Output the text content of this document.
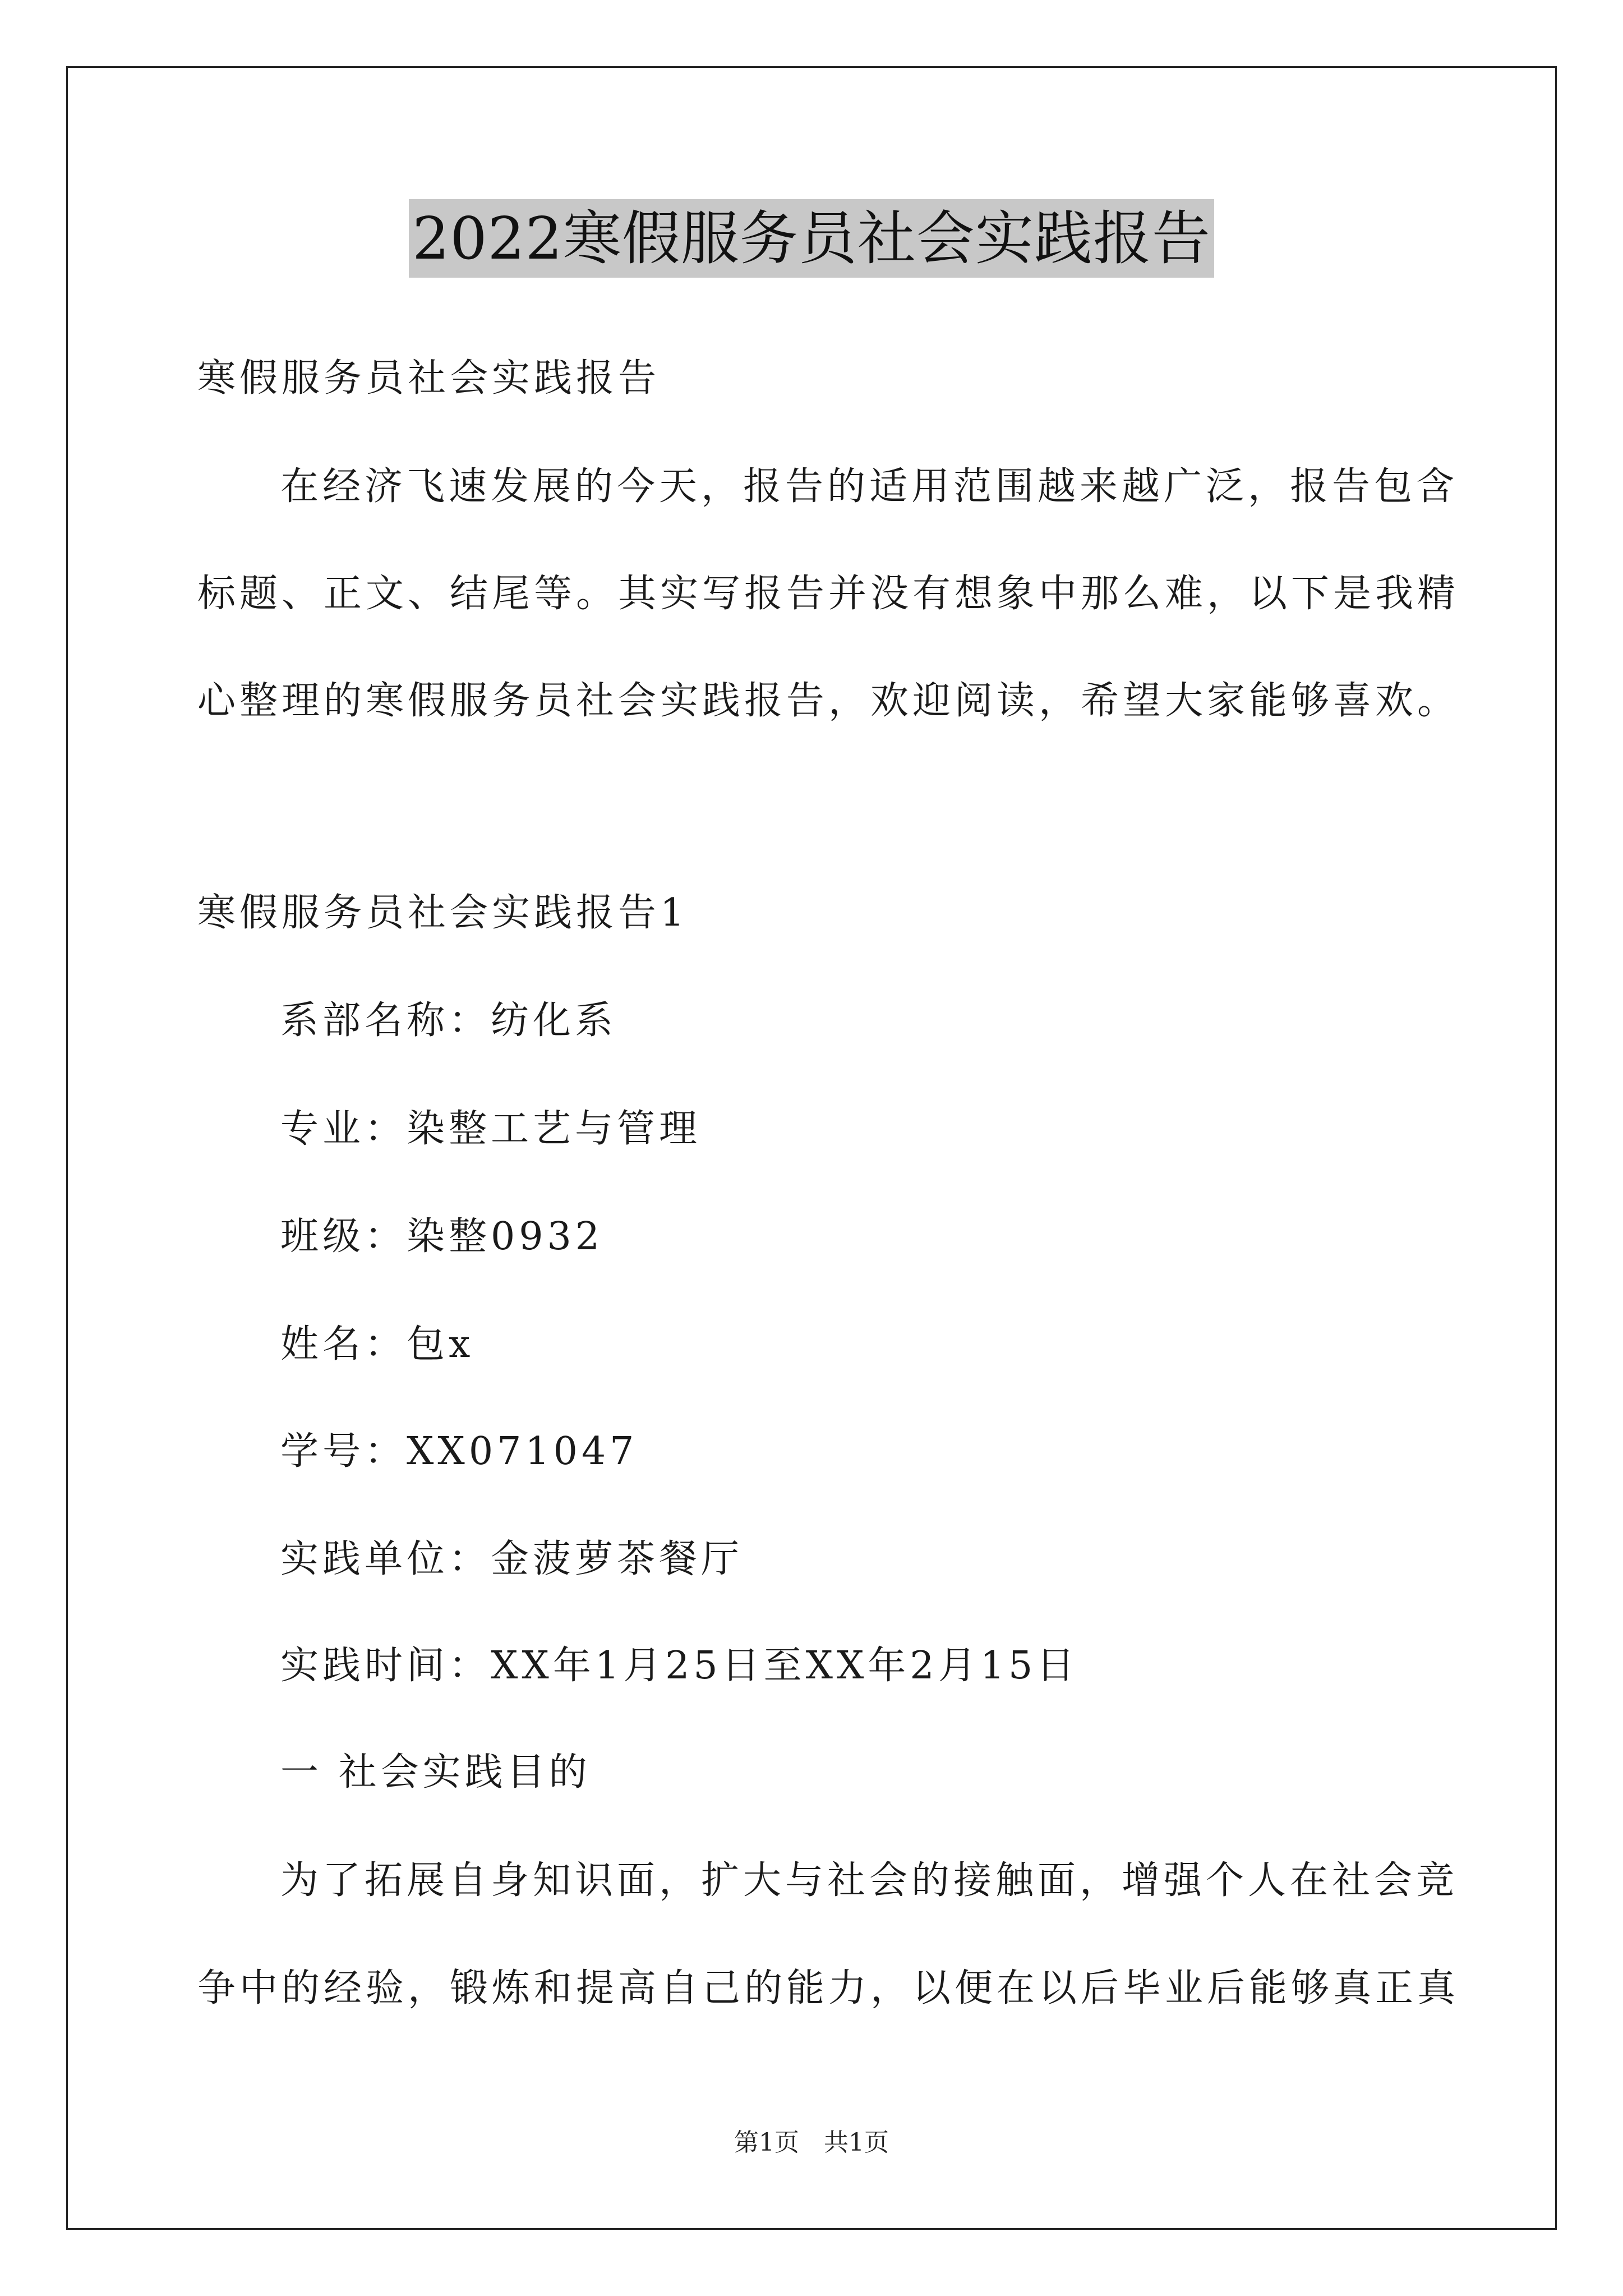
2022寒假服务员社会实践报告
寒假服务员社会实践报告
在经济飞速发展的今天，报告的适用范围越来越广泛，报告包含
标题、正文、结尾等。其实写报告并没有想象中那么难，以下是我精
心整理的寒假服务员社会实践报告，欢迎阅读，希望大家能够喜欢。
寒假服务员社会实践报告1
系部名称：纺化系
专业：染整工艺与管理
班级：染整0932
姓名：包x
学号：XX071047
实践单位：金菠萝茶餐厅
实践时间：XX年1月25日至XX年2月15日
一 社会实践目的
为了拓展自身知识面，扩大与社会的接触面，增强个人在社会竞
争中的经验，锻炼和提高自己的能力，以便在以后毕业后能够真正真
第1页　共1页
